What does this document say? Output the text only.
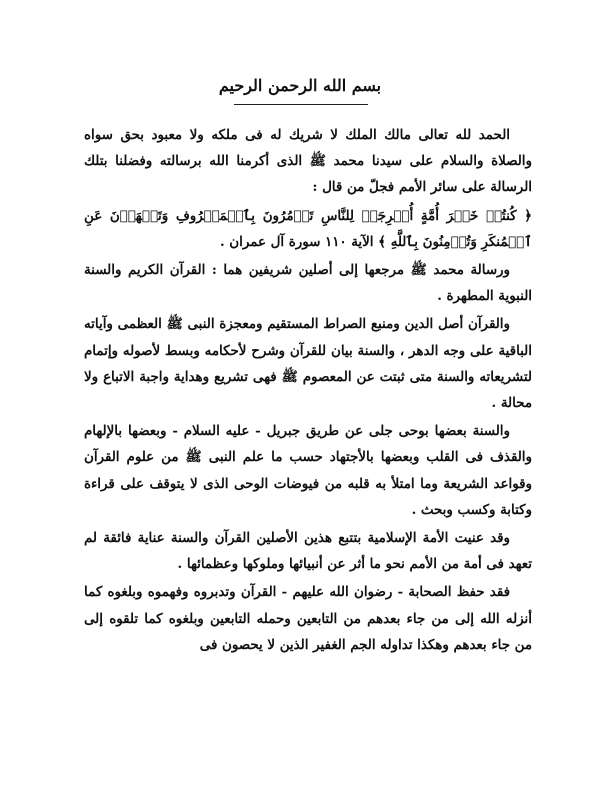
بسم الله الرحمن الرحيم

الحمد لله تعالى مالك الملك لا شريك له فى ملكه ولا معبود بحق سواه والصلاة والسلام على سيدنا محمد ﷺ الذى أكرمنا الله برسالته وفضلنا بتلك الرسالة على سائر الأمم فجلّ من قال :

﴿ كُنتُمۡ خَيۡرَ أُمَّةٍ أُخۡرِجَتۡ لِلنَّاسِ تَأۡمُرُونَ بِٱلۡمَعۡرُوفِ وَتَنۡهَوۡنَ عَنِ ٱلۡمُنكَرِ وَتُؤۡمِنُونَ بِٱللَّهِ ﴾ الآية ١١٠ سورة آل عمران .

ورسالة محمد ﷺ مرجعها إلى أصلين شريفين هما : القرآن الكريم والسنة النبوية المطهرة .

والقرآن أصل الدين ومنبع الصراط المستقيم ومعجزة النبى ﷺ العظمى وآياته الباقية على وجه الدهر ، والسنة بيان للقرآن وشرح لأحكامه وبسط لأصوله وإتمام لتشريعاته والسنة متى ثبتت عن المعصوم ﷺ فهى تشريع وهداية واجبة الاتباع ولا محالة .

والسنة بعضها بوحى جلى عن طريق جبريل - عليه السلام - وبعضها بالإلهام والقذف فى القلب وبعضها بالأجتهاد حسب ما علم النبى ﷺ من علوم القرآن وقواعد الشريعة وما امتلأ به قلبه من فيوضات الوحى الذى لا يتوقف على قراءة وكتابة وكسب وبحث .

وقد عنيت الأمة الإسلامية بتتبع هذين الأصلين القرآن والسنة عناية فائقة لم تعهد فى أمة من الأمم نحو ما أثر عن أنبيائها وملوكها وعظمائها .

فقد حفظ الصحابة - رضوان الله عليهم - القرآن وتدبروه وفهموه وبلغوه كما أنزله الله إلى من جاء بعدهم من التابعين وحمله التابعين وبلغوه كما تلقوه إلى من جاء بعدهم وهكذا تداوله الجم الغفير الذين لا يحصون فى
